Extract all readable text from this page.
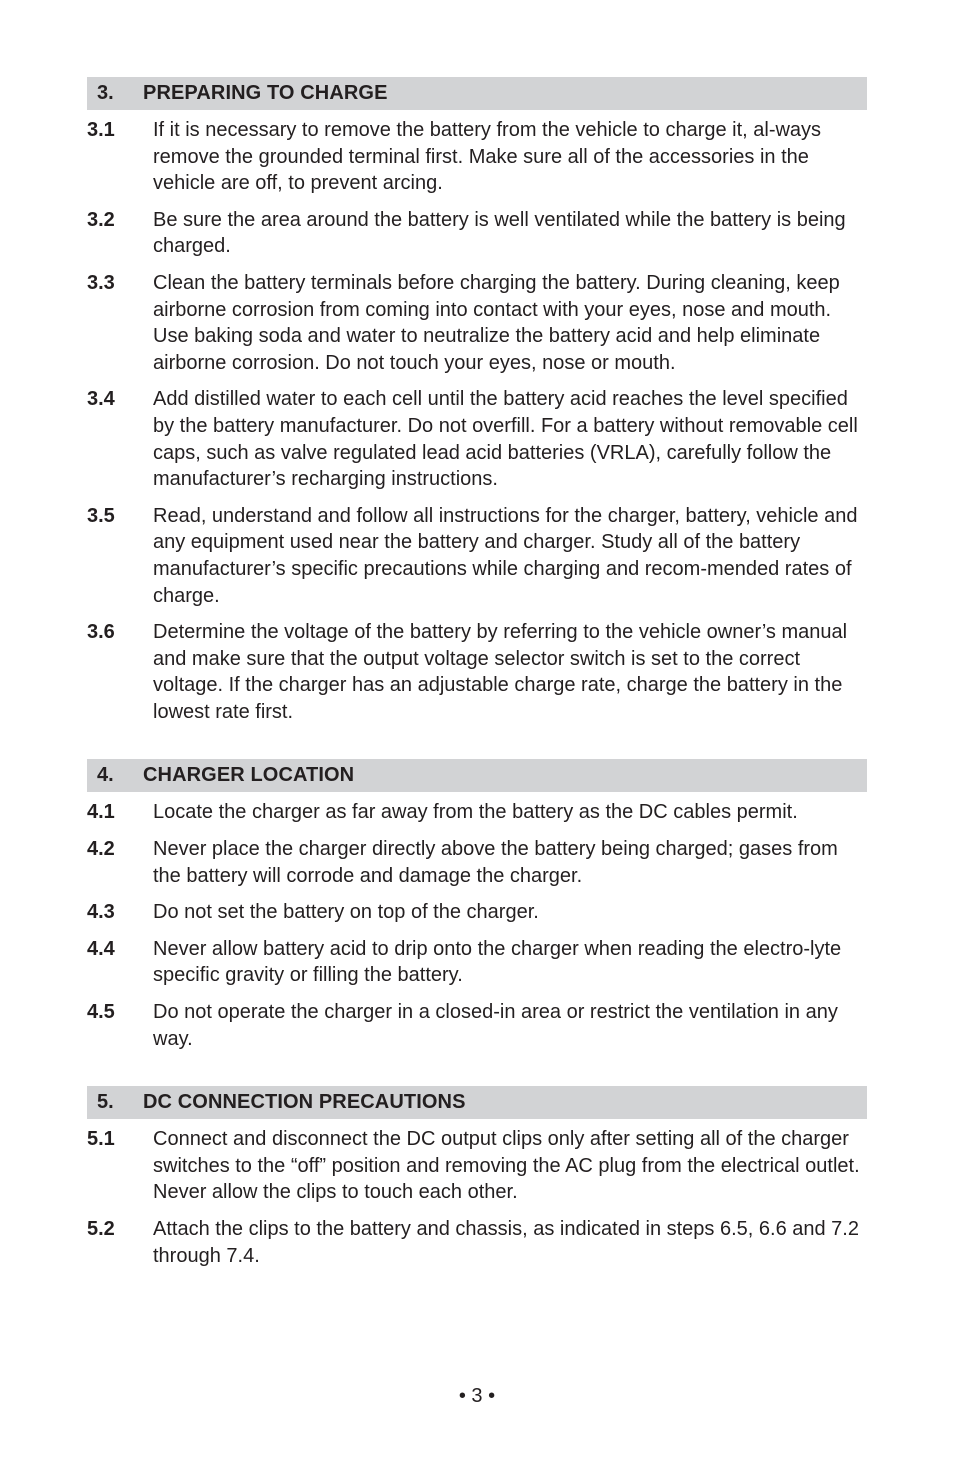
3.	PREPARING TO CHARGE
3.1	If it is necessary to remove the battery from the vehicle to charge it, al-ways remove the grounded terminal first. Make sure all of the accessories in the vehicle are off, to prevent arcing.
3.2	Be sure the area around the battery is well ventilated while the battery is being charged.
3.3	Clean the battery terminals before charging the battery. During cleaning, keep airborne corrosion from coming into contact with your eyes, nose and mouth. Use baking soda and water to neutralize the battery acid and help eliminate airborne corrosion. Do not touch your eyes, nose or mouth.
3.4	Add distilled water to each cell until the battery acid reaches the level specified by the battery manufacturer. Do not overfill. For a battery without removable cell caps, such as valve regulated lead acid batteries (VRLA), carefully follow the manufacturer’s recharging instructions.
3.5	Read, understand and follow all instructions for the charger, battery, vehicle and any equipment used near the battery and charger. Study all of the battery manufacturer’s specific precautions while charging and recom-mended rates of charge.
3.6	Determine the voltage of the battery by referring to the vehicle owner’s manual and make sure that the output voltage selector switch is set to the correct voltage. If the charger has an adjustable charge rate, charge the battery in the lowest rate first.
4.	CHARGER LOCATION
4.1	Locate the charger as far away from the battery as the DC cables permit.
4.2	Never place the charger directly above the battery being charged; gases from the battery will corrode and damage the charger.
4.3	Do not set the battery on top of the charger.
4.4	Never allow battery acid to drip onto the charger when reading the electro-lyte specific gravity or filling the battery.
4.5	Do not operate the charger in a closed-in area or restrict the ventilation in any way.
5.	DC CONNECTION PRECAUTIONS
5.1	Connect and disconnect the DC output clips only after setting all of the charger switches to the “off” position and removing the AC plug from the electrical outlet. Never allow the clips to touch each other.
5.2	Attach the clips to the battery and chassis, as indicated in steps 6.5, 6.6 and 7.2 through 7.4.
• 3 •
